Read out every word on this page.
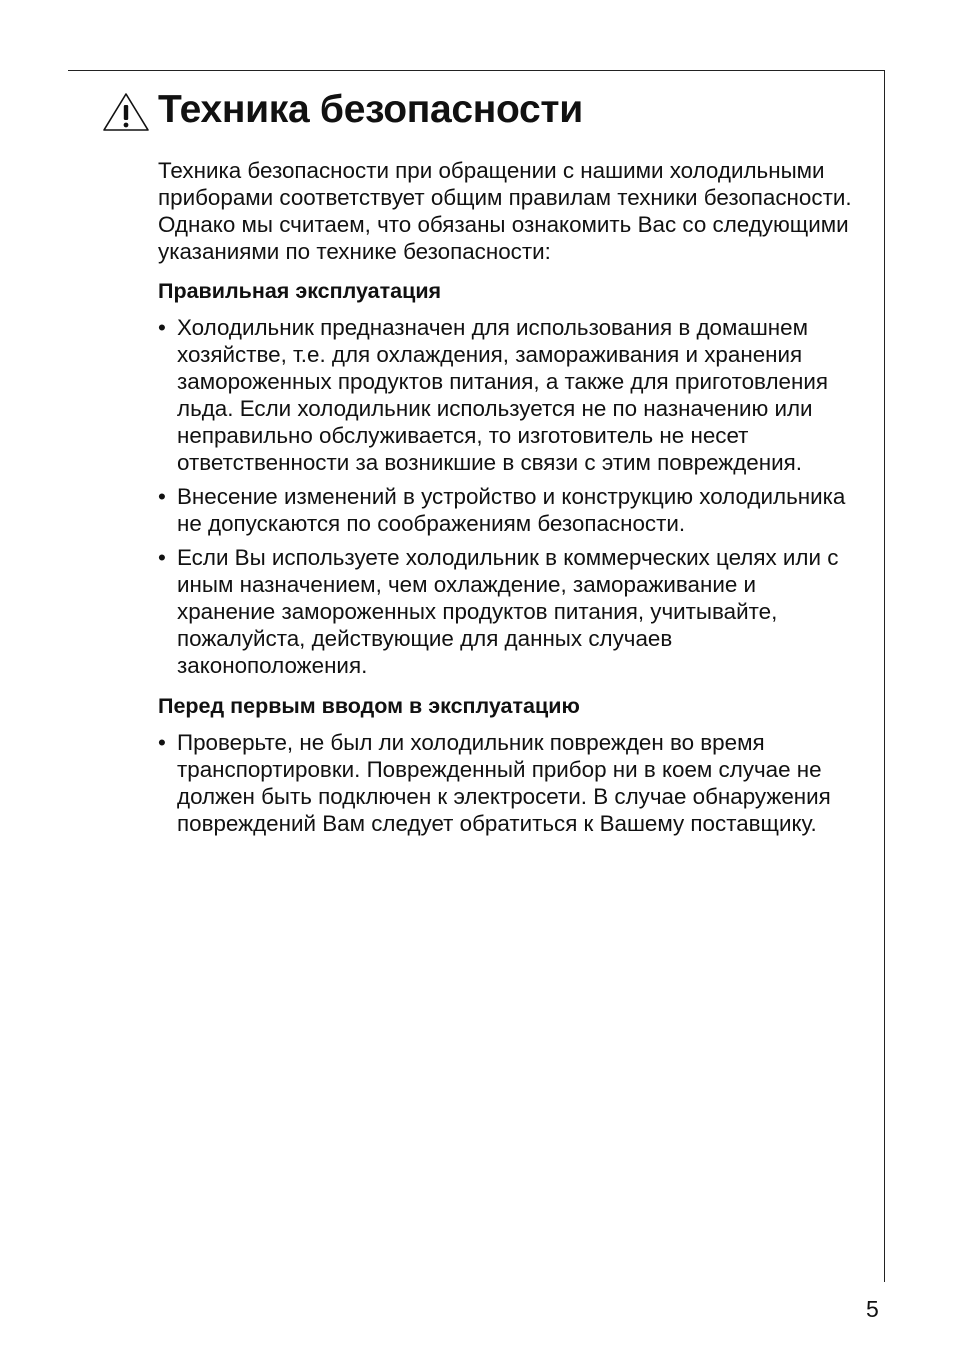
Техника безопасности

Техника безопасности при обращении с нашими холодильными приборами соответствует общим правилам техники безопасности. Однако мы считаем, что обязаны ознакомить Вас со следующими указаниями по технике безопасности:

Правильная эксплуатация
• Холодильник предназначен для использования в домашнем хозяйстве, т.е. для охлаждения, замораживания и хранения замороженных продуктов питания, а также для приготовления льда. Если холодильник используется не по назначению или неправильно обслуживается, то изготовитель не несет ответственности за возникшие в связи с этим повреждения.
• Внесение изменений в устройство и конструкцию холодильника не допускаются по соображениям безопасности.
• Если Вы используете холодильник в коммерческих целях или с иным назначением, чем охлаждение, замораживание и хранение замороженных продуктов питания, учитывайте, пожалуйста, действующие для данных случаев законоположения.
Перед первым вводом в эксплуатацию
• Проверьте, не был ли холодильник поврежден во время транспортировки. Поврежденный прибор ни в коем случае не должен быть подключен к электросети. В случае обнаружения повреждений Вам следует обратиться к Вашему поставщику.
5
